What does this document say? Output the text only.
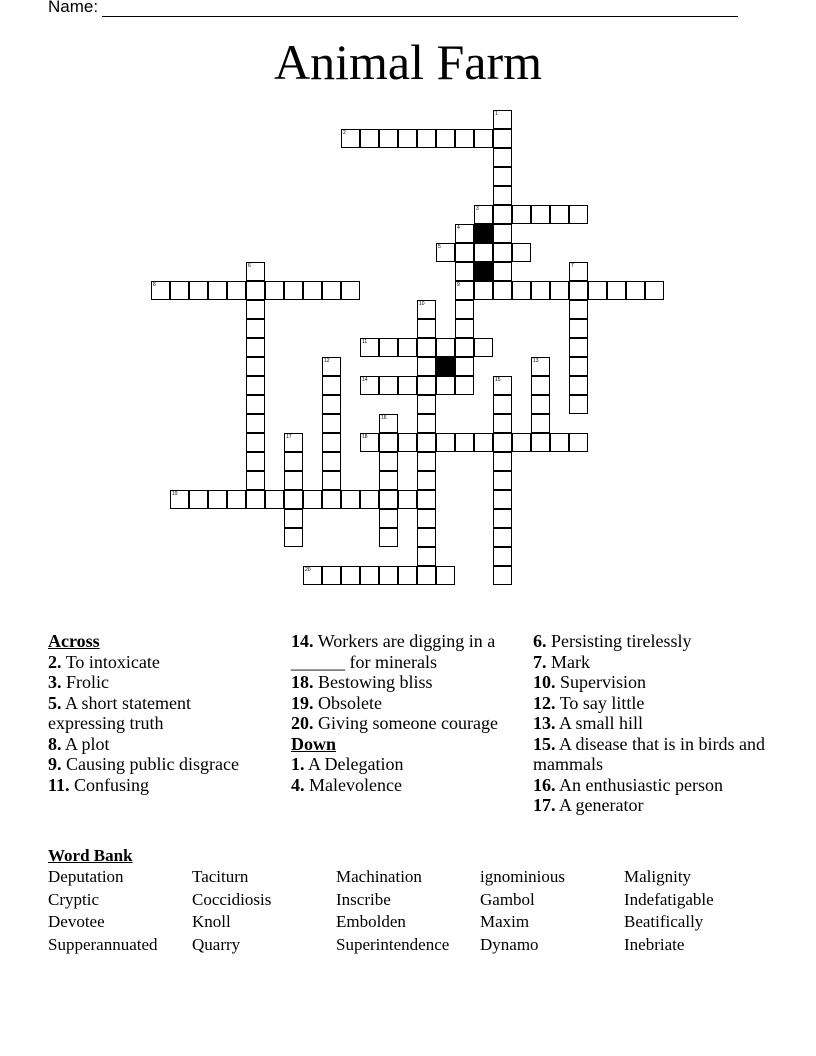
Name:
Animal Farm
1
2
3
4
5
6	7
8	9
10
11
12	13
14	15
16
17	18
19
20
Across
2. To intoxicate
3. Frolic
5. A short statement expressing truth
8. A plot
9. Causing public disgrace
11. Confusing
14. Workers are digging in a ______ for minerals
18. Bestowing bliss
19. Obsolete
20. Giving someone courage
Down
1. A Delegation
4. Malevolence
6. Persisting tirelessly
7. Mark
10. Supervision
12. To say little
13. A small hill
15. A disease that is in birds and mammals
16. An enthusiastic person
17. A generator
Word Bank
Deputation	Taciturn	Machination	ignominious	Malignity
Cryptic	Coccidiosis	Inscribe	Gambol	Indefatigable
Devotee	Knoll	Embolden	Maxim	Beatifically
Supperannuated	Quarry	Superintendence	Dynamo	Inebriate
